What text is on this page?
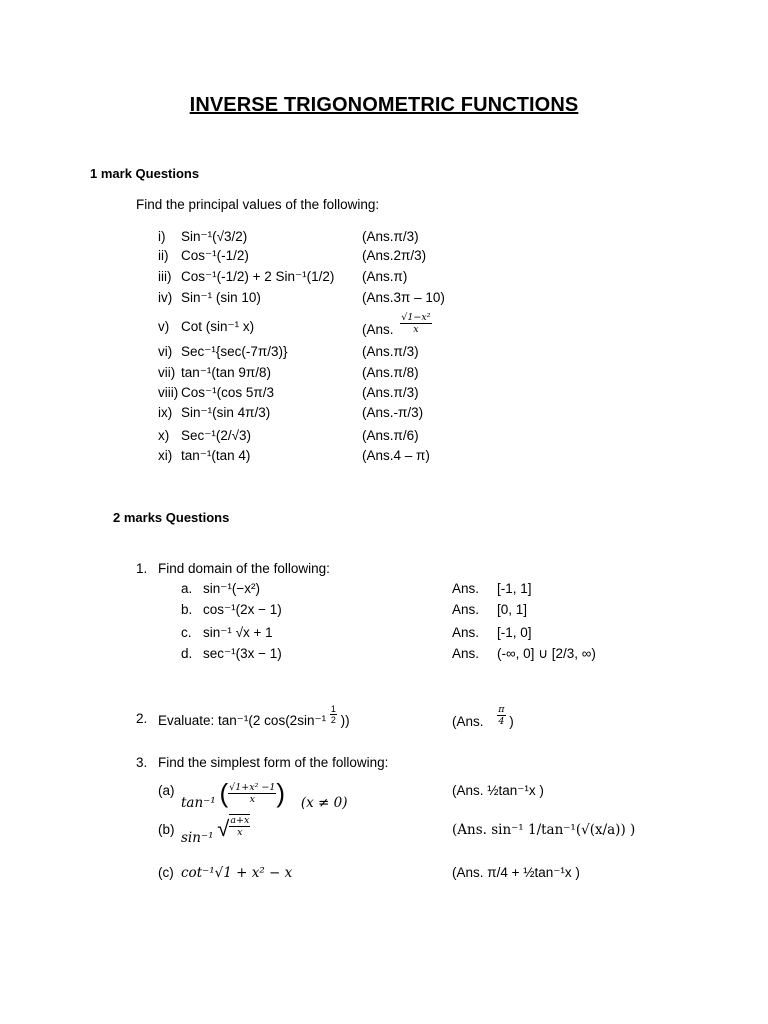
INVERSE TRIGONOMETRIC FUNCTIONS
1 mark Questions
Find the principal values of the following:
i) Sin⁻¹(√3/2)	(Ans.π/3)
ii) Cos⁻¹(-1/2)	(Ans.2π/3)
iii) Cos⁻¹(-1/2) + 2 Sin⁻¹(1/2) (Ans.π)
iv) Sin⁻¹ (sin 10)	(Ans.3π – 10)
v) Cot (sin⁻¹ x)	(Ans. $\frac{\text{√1−x²}}{x}$
vi) Sec⁻¹{sec(-7π/3)}	(Ans.π/3)
vii) tan⁻¹(tan 9π/8)	(Ans.π/8)
viii) Cos⁻¹(cos 5π/3	(Ans.π/3)
ix) Sin⁻¹(sin 4π/3)	(Ans.-π/3)
x) Sec⁻¹(2/√3)	(Ans.π/6)
xi) tan⁻¹(tan 4)	(Ans.4 – π)
2 marks Questions
1. Find domain of the following:
a. sin⁻¹(−x²)	Ans. [-1, 1]
b. cos⁻¹(2x − 1)	Ans. [0, 1]
c. sin⁻¹ √x + 1	Ans. [-1, 0]
d. sec⁻¹(3x − 1)	Ans. (-∞, 0] ∪ [2/3, ∞)
2. Evaluate: tan⁻¹(2 $\cos(2\sin^{-1} \frac{1}{2}$ ))	(Ans. $\frac{\pi}{4}$ )
3. Find the simplest form of the following:
(a)
tan⁻¹ ( $\frac{\text{√1+x² −1}}{x}$ ) (x ≠ 0)
(Ans. ½tan⁻¹x )
(b)
sin⁻¹ √ $\frac{a+x}{x}$	(Ans. sin⁻¹ 1/tan⁻¹(√(x/a)) )
(c) cot⁻¹√1 + x² − x	(Ans. π/4 + ½tan⁻¹x )
